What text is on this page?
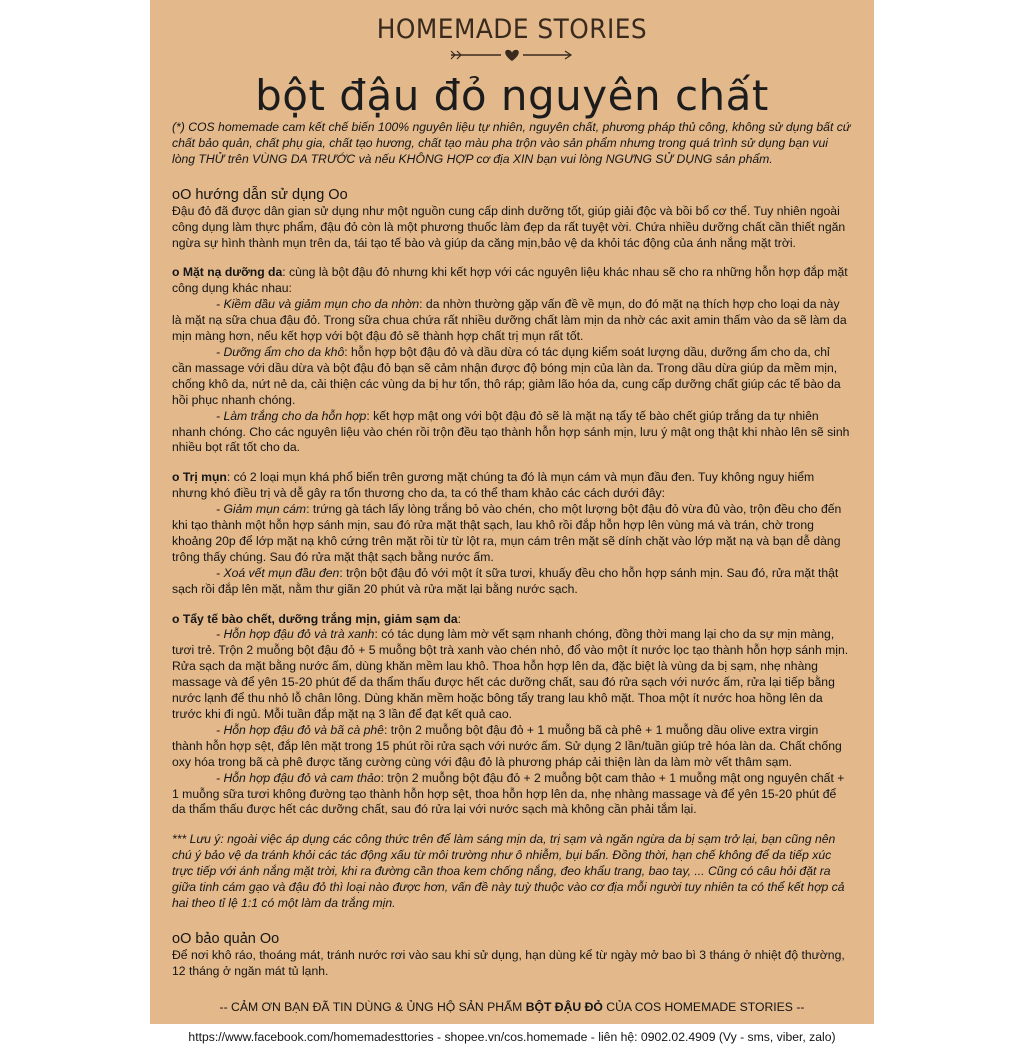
HOMEMADE STORIES
bột đậu đỏ nguyên chất

(*) COS homemade cam kết chế biến 100% nguyên liệu tự nhiên, nguyên chất, phương pháp thủ công, không sử dụng bất cứ chất bảo quản, chất phụ gia, chất tạo hương, chất tạo màu pha trộn vào sản phẩm nhưng trong quá trình sử dụng bạn vui lòng THỬ trên VÙNG DA TRƯỚC và nếu KHÔNG HỢP cơ địa XIN bạn vui lòng NGƯNG SỬ DỤNG sản phẩm.

oO hướng dẫn sử dụng Oo

Đậu đỏ đã được dân gian sử dụng như một nguồn cung cấp dinh dưỡng tốt, giúp giải độc và bồi bổ cơ thể. Tuy nhiên ngoài công dụng làm thực phẩm, đậu đỏ còn là một phương thuốc làm đẹp da rất tuyệt vời. Chứa nhiều dưỡng chất cần thiết ngăn ngừa sự hình thành mụn trên da, tái tạo tế bào và giúp da căng mịn,bảo vệ da khỏi tác động của ánh nắng mặt trời.

o Mặt nạ dưỡng da: cùng là bột đậu đỏ nhưng khi kết hợp với các nguyên liệu khác nhau sẽ cho ra những hỗn hợp đắp mặt công dụng khác nhau:

- Kiềm dầu và giảm mụn cho da nhờn: da nhờn thường gặp vấn đề về mụn, do đó mặt nạ thích hợp cho loại da này là mặt nạ sữa chua đậu đỏ. Trong sữa chua chứa rất nhiều dưỡng chất làm mịn da nhờ các axit amin thấm vào da sẽ làm da mịn màng hơn, nếu kết hợp với bột đậu đỏ sẽ thành hợp chất trị mụn rất tốt.

- Dưỡng ẩm cho da khô: hỗn hợp bột đậu đỏ và dầu dừa có tác dụng kiểm soát lượng dầu, dưỡng ẩm cho da, chỉ cần massage với dầu dừa và bột đậu đỏ bạn sẽ cảm nhận được độ bóng mịn của làn da. Trong dầu dừa giúp da mềm mịn, chống khô da, nứt nẻ da, cải thiện các vùng da bị hư tổn, thô ráp; giảm lão hóa da, cung cấp dưỡng chất giúp các tế bào da hồi phục nhanh chóng.

- Làm trắng cho da hỗn hợp: kết hợp mật ong với bột đậu đỏ sẽ là mặt nạ tẩy tế bào chết giúp trắng da tự nhiên nhanh chóng. Cho các nguyên liệu vào chén rồi trộn đều tạo thành hỗn hợp sánh mịn, lưu ý mật ong thật khi nhào lên sẽ sinh nhiều bọt rất tốt cho da.

o Trị mụn: có 2 loại mụn khá phổ biến trên gương mặt chúng ta đó là mụn cám và mụn đầu đen. Tuy không nguy hiểm nhưng khó điều trị và dễ gây ra tổn thương cho da, ta có thể tham khảo các cách dưới đây:

- Giảm mụn cám: trứng gà tách lấy lòng trắng bỏ vào chén, cho một lượng bột đậu đỏ vừa đủ vào, trộn đều cho đến khi tạo thành một hỗn hợp sánh mịn, sau đó rửa mặt thật sạch, lau khô rồi đắp hỗn hợp lên vùng má và trán, chờ trong khoảng 20p để lớp mặt nạ khô cứng trên mặt rồi từ từ lột ra, mụn cám trên mặt sẽ dính chặt vào lớp mặt nạ và bạn dễ dàng trông thấy chúng. Sau đó rửa mặt thật sạch bằng nước ấm.

- Xoá vết mụn đầu đen: trộn bột đậu đỏ với một ít sữa tươi, khuấy đều cho hỗn hợp sánh mịn. Sau đó, rửa mặt thật sạch rồi đắp lên mặt, nằm thư giãn 20 phút và rửa mặt lại bằng nước sạch.

o Tẩy tế bào chết, dưỡng trắng mịn, giảm sạm da:

- Hỗn hợp đậu đỏ và trà xanh: có tác dụng làm mờ vết sạm nhanh chóng, đồng thời mang lại cho da sự mịn màng, tươi trẻ. Trộn 2 muỗng bột đậu đỏ + 5 muỗng bột trà xanh vào chén nhỏ, đổ vào một ít nước lọc tạo thành hỗn hợp sánh mịn. Rửa sạch da mặt bằng nước ấm, dùng khăn mềm lau khô. Thoa hỗn hợp lên da, đặc biệt là vùng da bị sạm, nhẹ nhàng massage và để yên 15-20 phút để da thẩm thấu được hết các dưỡng chất, sau đó rửa sạch với nước ấm, rửa lại tiếp bằng nước lạnh để thu nhỏ lỗ chân lông. Dùng khăn mềm hoặc bông tẩy trang lau khô mặt. Thoa một ít nước hoa hồng lên da trước khi đi ngủ. Mỗi tuần đắp mặt nạ 3 lần để đạt kết quả cao.

- Hỗn hợp đậu đỏ và bã cà phê: trộn 2 muỗng bột đậu đỏ + 1 muỗng bã cà phê + 1 muỗng dầu olive extra virgin thành hỗn hợp sệt, đắp lên mặt trong 15 phút rồi rửa sạch với nước ấm. Sử dụng 2 lần/tuần giúp trẻ hóa làn da. Chất chống oxy hóa trong bã cà phê được tăng cường cùng với đậu đỏ là phương pháp cải thiện làn da làm mờ vết thâm sạm.

- Hỗn hợp đậu đỏ và cam thảo: trộn 2 muỗng bột đậu đỏ + 2 muỗng bột cam thảo + 1 muỗng mật ong nguyên chất + 1 muỗng sữa tươi không đường tạo thành hỗn hợp sệt, thoa hỗn hợp lên da, nhẹ nhàng massage và để yên 15-20 phút để da thẩm thấu được hết các dưỡng chất, sau đó rửa lại với nước sạch mà không cần phải tắm lại.

*** Lưu ý: ngoài việc áp dụng các công thức trên để làm sáng mịn da, trị sạm và ngăn ngừa da bị sạm trở lại, bạn cũng nên chú ý bảo vệ da tránh khỏi các tác động xấu từ môi trường như ô nhiễm, bụi bẩn. Đồng thời, hạn chế không để da tiếp xúc trực tiếp với ánh nắng mặt trời, khi ra đường cần thoa kem chống nắng, đeo khẩu trang, bao tay, ... Cũng có câu hỏi đặt ra giữa tinh cám gạo và đậu đỏ thì loại nào được hơn, vấn đề này tuỳ thuộc vào cơ địa mỗi người tuy nhiên ta có thể kết hợp cả hai theo tỉ lệ 1:1 có một làm da trắng mịn.

oO bảo quản Oo

Để nơi khô ráo, thoáng mát, tránh nước rơi vào sau khi sử dụng, hạn dùng kể từ ngày mở bao bì 3 tháng ở nhiệt độ thường, 12 tháng ở ngăn mát tủ lạnh.

-- CẢM ƠN BẠN ĐÃ TIN DÙNG & ỦNG HỘ SẢN PHẨM BỘT ĐẬU ĐỎ CỦA COS HOMEMADE STORIES --

https://www.facebook.com/homemadesttories - shopee.vn/cos.homemade - liên hệ: 0902.02.4909 (Vy - sms, viber, zalo)
